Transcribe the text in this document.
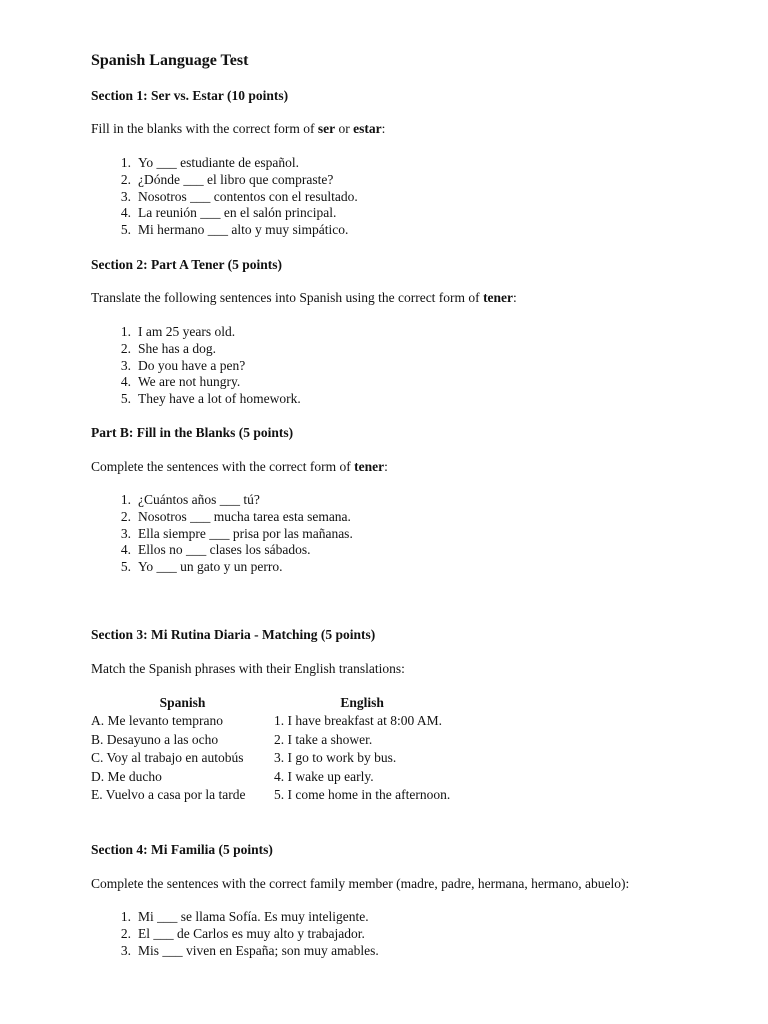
Spanish Language Test
Section 1: Ser vs. Estar (10 points)
Fill in the blanks with the correct form of ser or estar:
1. Yo ___ estudiante de español.
2. ¿Dónde ___ el libro que compraste?
3. Nosotros ___ contentos con el resultado.
4. La reunión ___ en el salón principal.
5. Mi hermano ___ alto y muy simpático.
Section 2: Part A Tener (5 points)
Translate the following sentences into Spanish using the correct form of tener:
1. I am 25 years old.
2. She has a dog.
3. Do you have a pen?
4. We are not hungry.
5. They have a lot of homework.
Part B: Fill in the Blanks (5 points)
Complete the sentences with the correct form of tener:
1. ¿Cuántos años ___ tú?
2. Nosotros ___ mucha tarea esta semana.
3. Ella siempre ___ prisa por las mañanas.
4. Ellos no ___ clases los sábados.
5. Yo ___ un gato y un perro.
Section 3: Mi Rutina Diaria - Matching (5 points)
Match the Spanish phrases with their English translations:
Spanish	English
A. Me levanto temprano	1. I have breakfast at 8:00 AM.
B. Desayuno a las ocho	2. I take a shower.
C. Voy al trabajo en autobús	3. I go to work by bus.
D. Me ducho	4. I wake up early.
E. Vuelvo a casa por la tarde	5. I come home in the afternoon.
Section 4: Mi Familia (5 points)
Complete the sentences with the correct family member (madre, padre, hermana, hermano, abuelo):
1. Mi ___ se llama Sofía. Es muy inteligente.
2. El ___ de Carlos es muy alto y trabajador.
3. Mis ___ viven en España; son muy amables.
